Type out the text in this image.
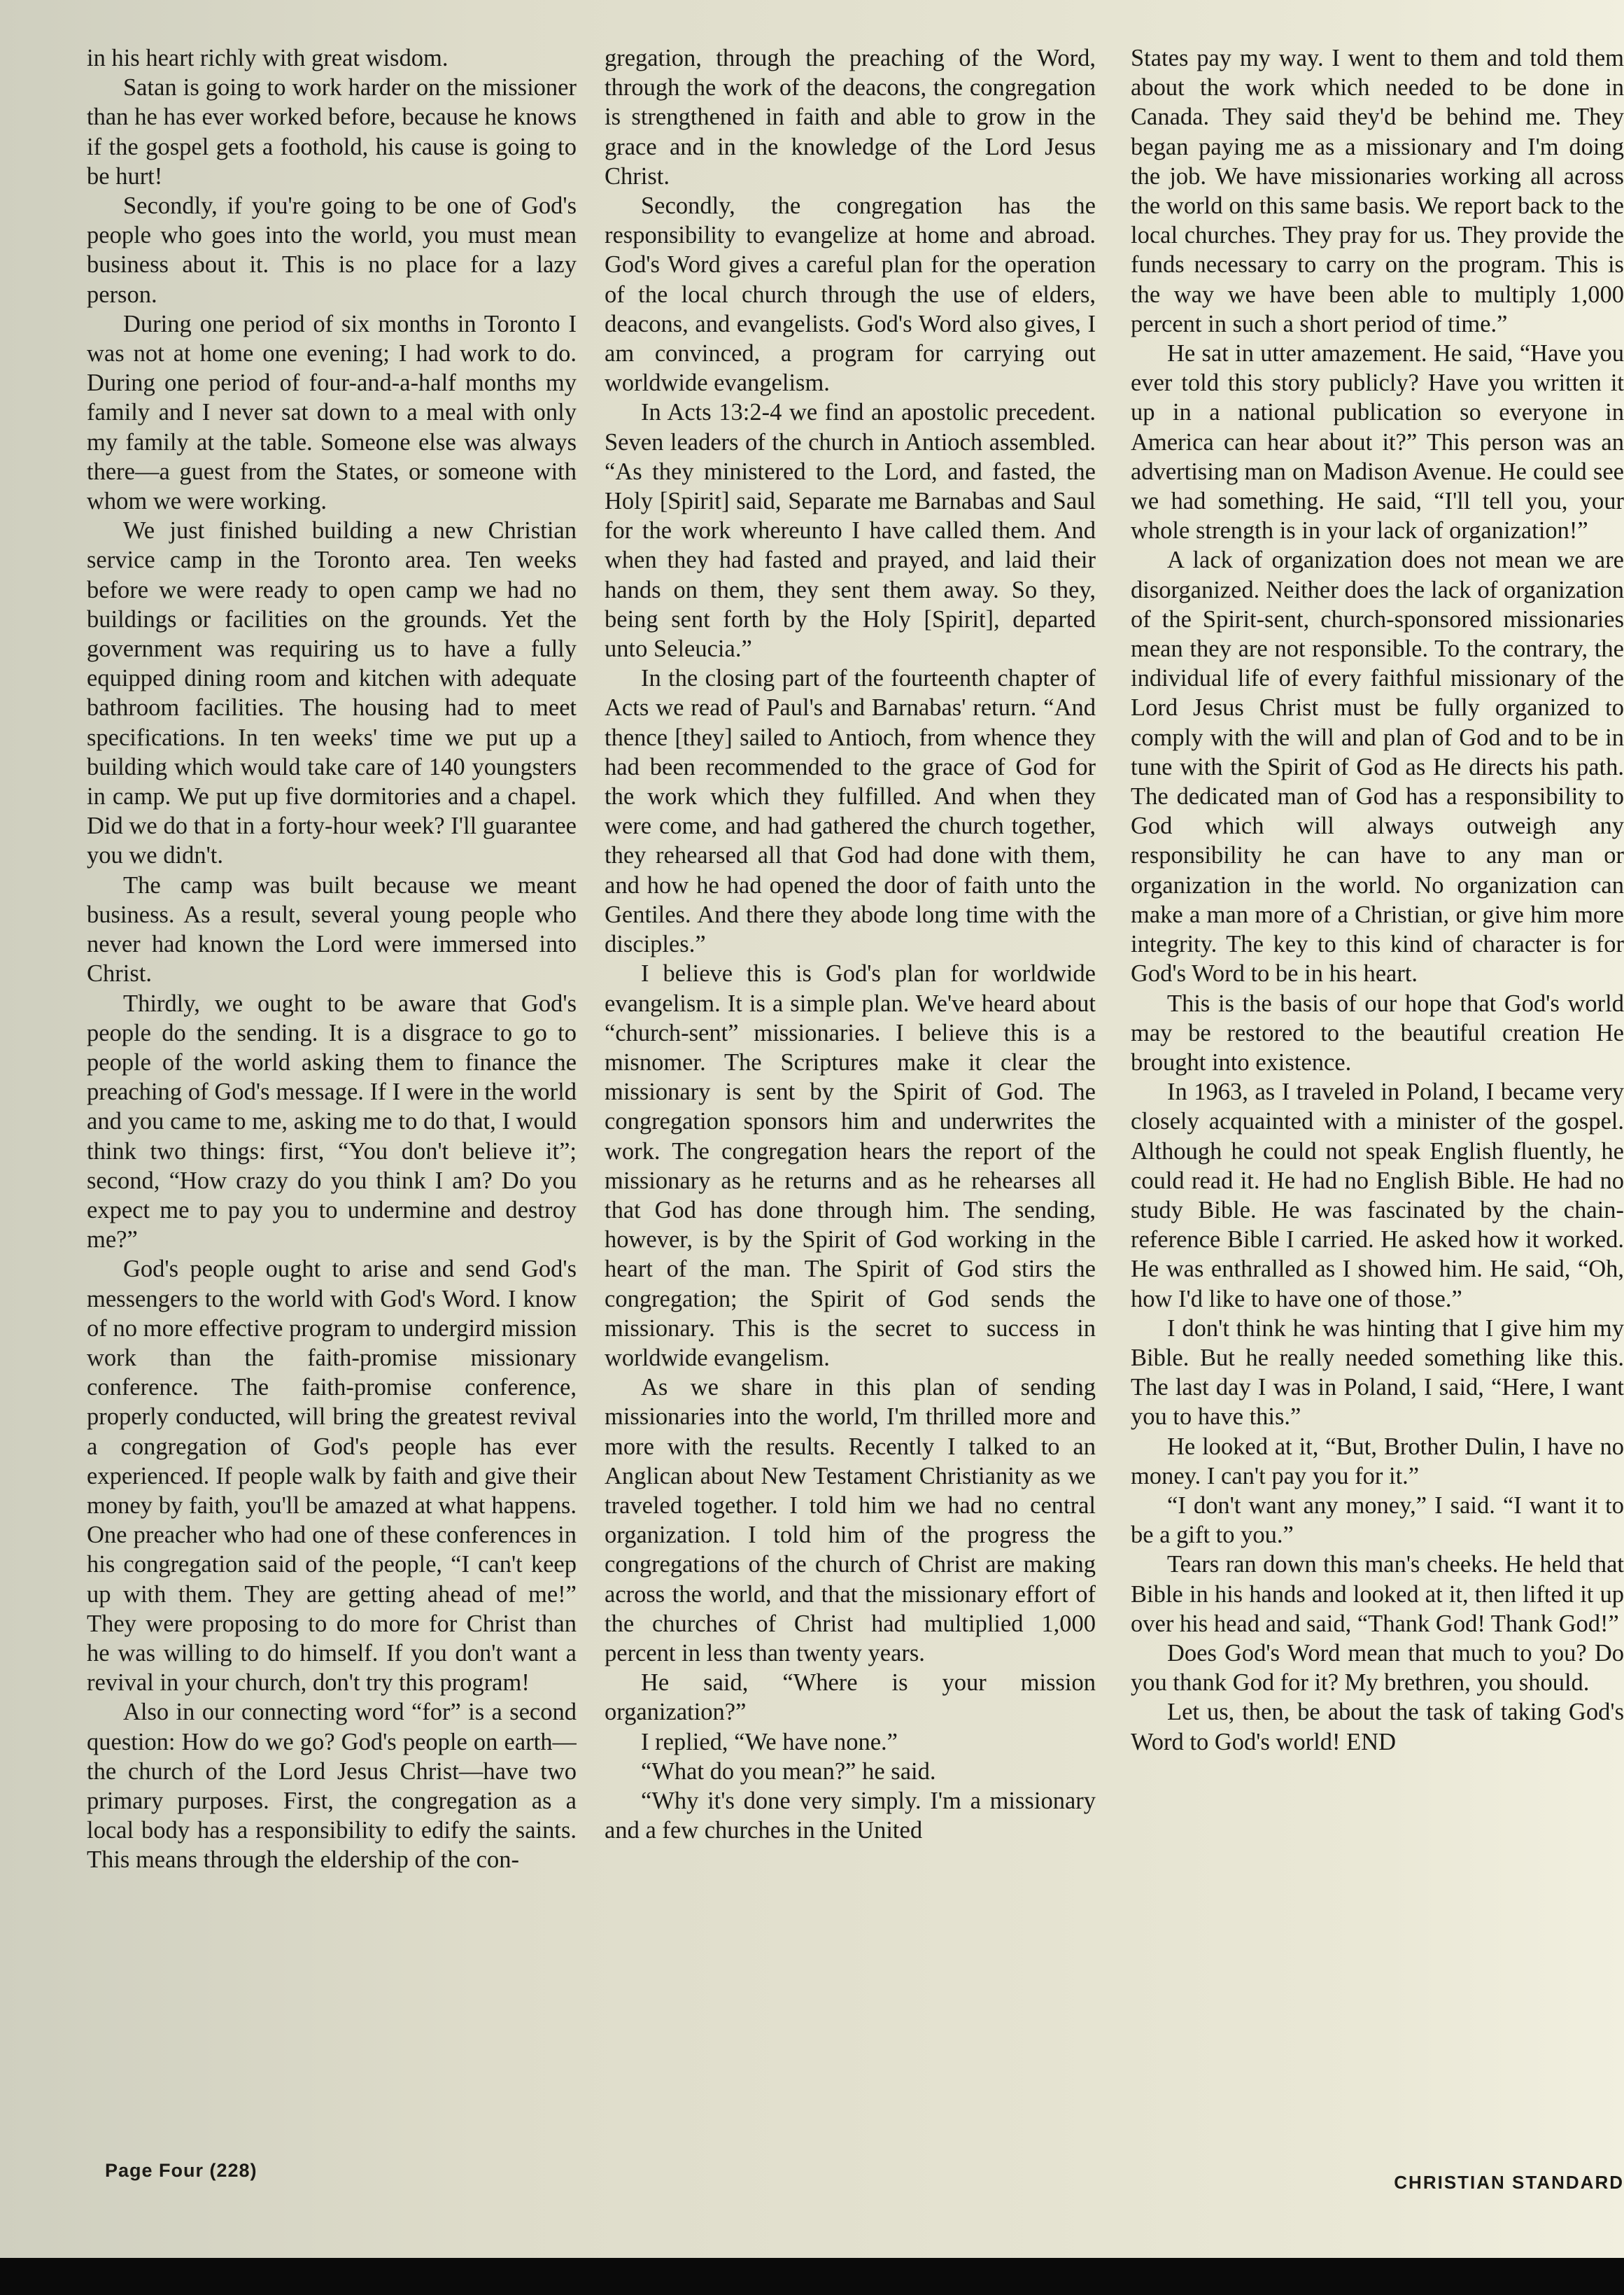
in his heart richly with great wisdom.

Satan is going to work harder on the missioner than he has ever worked before, because he knows if the gospel gets a foothold, his cause is going to be hurt!

Secondly, if you're going to be one of God's people who goes into the world, you must mean business about it. This is no place for a lazy person.

During one period of six months in Toronto I was not at home one evening; I had work to do. During one period of four-and-a-half months my family and I never sat down to a meal with only my family at the table. Someone else was always there—a guest from the States, or someone with whom we were working.

We just finished building a new Christian service camp in the Toronto area. Ten weeks before we were ready to open camp we had no buildings or facilities on the grounds. Yet the government was requiring us to have a fully equipped dining room and kitchen with adequate bathroom facilities. The housing had to meet specifications. In ten weeks' time we put up a building which would take care of 140 youngsters in camp. We put up five dormitories and a chapel. Did we do that in a forty-hour week? I'll guarantee you we didn't.

The camp was built because we meant business. As a result, several young people who never had known the Lord were immersed into Christ.

Thirdly, we ought to be aware that God's people do the sending. It is a disgrace to go to people of the world asking them to finance the preaching of God's message. If I were in the world and you came to me, asking me to do that, I would think two things: first, “You don't believe it”; second, “How crazy do you think I am? Do you expect me to pay you to undermine and destroy me?”

God's people ought to arise and send God's messengers to the world with God's Word. I know of no more effective program to undergird mission work than the faith-promise missionary conference. The faith-promise conference, properly conducted, will bring the greatest revival a congregation of God's people has ever experienced. If people walk by faith and give their money by faith, you'll be amazed at what happens. One preacher who had one of these conferences in his congregation said of the people, “I can't keep up with them. They are getting ahead of me!” They were proposing to do more for Christ than he was willing to do himself. If you don't want a revival in your church, don't try this program!

Also in our connecting word “for” is a second question: How do we go? God's people on earth—the church of the Lord Jesus Christ—have two primary purposes. First, the congregation as a local body has a responsibility to edify the saints. This means through the eldership of the con-

gregation, through the preaching of the Word, through the work of the deacons, the congregation is strengthened in faith and able to grow in the grace and in the knowledge of the Lord Jesus Christ.

Secondly, the congregation has the responsibility to evangelize at home and abroad. God's Word gives a careful plan for the operation of the local church through the use of elders, deacons, and evangelists. God's Word also gives, I am convinced, a program for carrying out worldwide evangelism.

In Acts 13:2-4 we find an apostolic precedent. Seven leaders of the church in Antioch assembled. “As they ministered to the Lord, and fasted, the Holy [Spirit] said, Separate me Barnabas and Saul for the work whereunto I have called them. And when they had fasted and prayed, and laid their hands on them, they sent them away. So they, being sent forth by the Holy [Spirit], departed unto Seleucia.”

In the closing part of the fourteenth chapter of Acts we read of Paul's and Barnabas' return. “And thence [they] sailed to Antioch, from whence they had been recommended to the grace of God for the work which they fulfilled. And when they were come, and had gathered the church together, they rehearsed all that God had done with them, and how he had opened the door of faith unto the Gentiles. And there they abode long time with the disciples.”

I believe this is God's plan for worldwide evangelism. It is a simple plan. We've heard about “church-sent” missionaries. I believe this is a misnomer. The Scriptures make it clear the missionary is sent by the Spirit of God. The congregation sponsors him and underwrites the work. The congregation hears the report of the missionary as he returns and as he rehearses all that God has done through him. The sending, however, is by the Spirit of God working in the heart of the man. The Spirit of God stirs the congregation; the Spirit of God sends the missionary. This is the secret to success in worldwide evangelism.

As we share in this plan of sending missionaries into the world, I'm thrilled more and more with the results. Recently I talked to an Anglican about New Testament Christianity as we traveled together. I told him we had no central organization. I told him of the progress the congregations of the church of Christ are making across the world, and that the missionary effort of the churches of Christ had multiplied 1,000 percent in less than twenty years.

He said, “Where is your mission organization?”

I replied, “We have none.”

“What do you mean?” he said.

“Why it's done very simply. I'm a missionary and a few churches in the United

States pay my way. I went to them and told them about the work which needed to be done in Canada. They said they'd be behind me. They began paying me as a missionary and I'm doing the job. We have missionaries working all across the world on this same basis. We report back to the local churches. They pray for us. They provide the funds necessary to carry on the program. This is the way we have been able to multiply 1,000 percent in such a short period of time.”

He sat in utter amazement. He said, “Have you ever told this story publicly? Have you written it up in a national publication so everyone in America can hear about it?” This person was an advertising man on Madison Avenue. He could see we had something. He said, “I'll tell you, your whole strength is in your lack of organization!”

A lack of organization does not mean we are disorganized. Neither does the lack of organization of the Spirit-sent, church-sponsored missionaries mean they are not responsible. To the contrary, the individual life of every faithful missionary of the Lord Jesus Christ must be fully organized to comply with the will and plan of God and to be in tune with the Spirit of God as He directs his path. The dedicated man of God has a responsibility to God which will always outweigh any responsibility he can have to any man or organization in the world. No organization can make a man more of a Christian, or give him more integrity. The key to this kind of character is for God's Word to be in his heart.

This is the basis of our hope that God's world may be restored to the beautiful creation He brought into existence.

In 1963, as I traveled in Poland, I became very closely acquainted with a minister of the gospel. Although he could not speak English fluently, he could read it. He had no English Bible. He had no study Bible. He was fascinated by the chain-reference Bible I carried. He asked how it worked. He was enthralled as I showed him. He said, “Oh, how I'd like to have one of those.”

I don't think he was hinting that I give him my Bible. But he really needed something like this. The last day I was in Poland, I said, “Here, I want you to have this.”

He looked at it, “But, Brother Dulin, I have no money. I can't pay you for it.”

“I don't want any money,” I said. “I want it to be a gift to you.”

Tears ran down this man's cheeks. He held that Bible in his hands and looked at it, then lifted it up over his head and said, “Thank God! Thank God!”

Does God's Word mean that much to you? Do you thank God for it? My brethren, you should.

Let us, then, be about the task of taking God's Word to God's world! END

Page Four (228)
CHRISTIAN STANDARD
